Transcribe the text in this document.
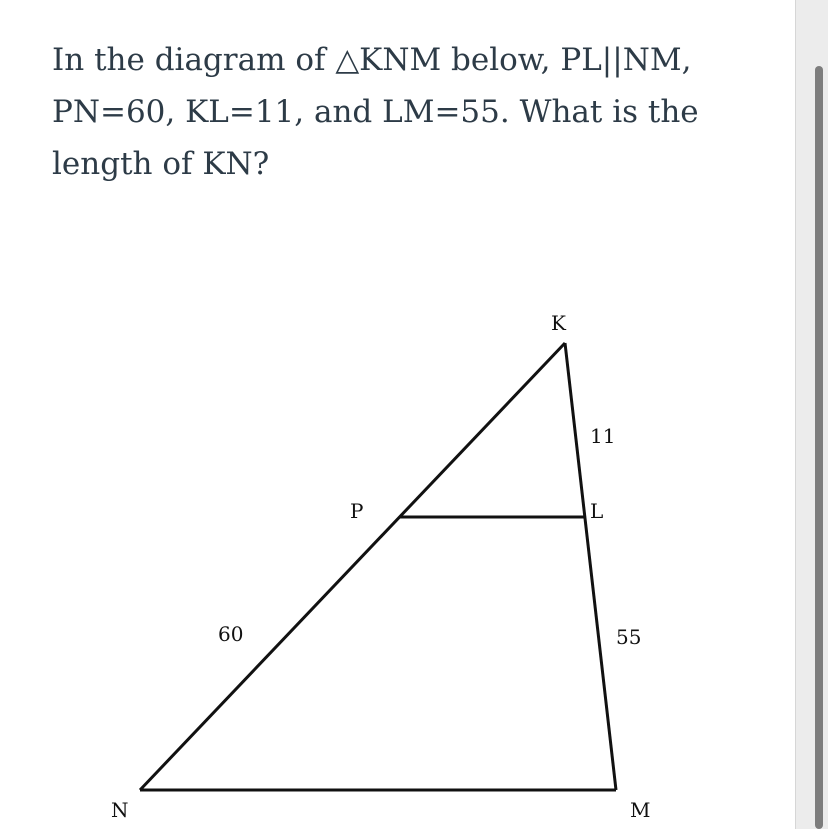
In the diagram of △KNM below, PL||NM, PN=60, KL=11, and LM=55. What is the length of KN?

K
P	L
N	M
11
60	55
